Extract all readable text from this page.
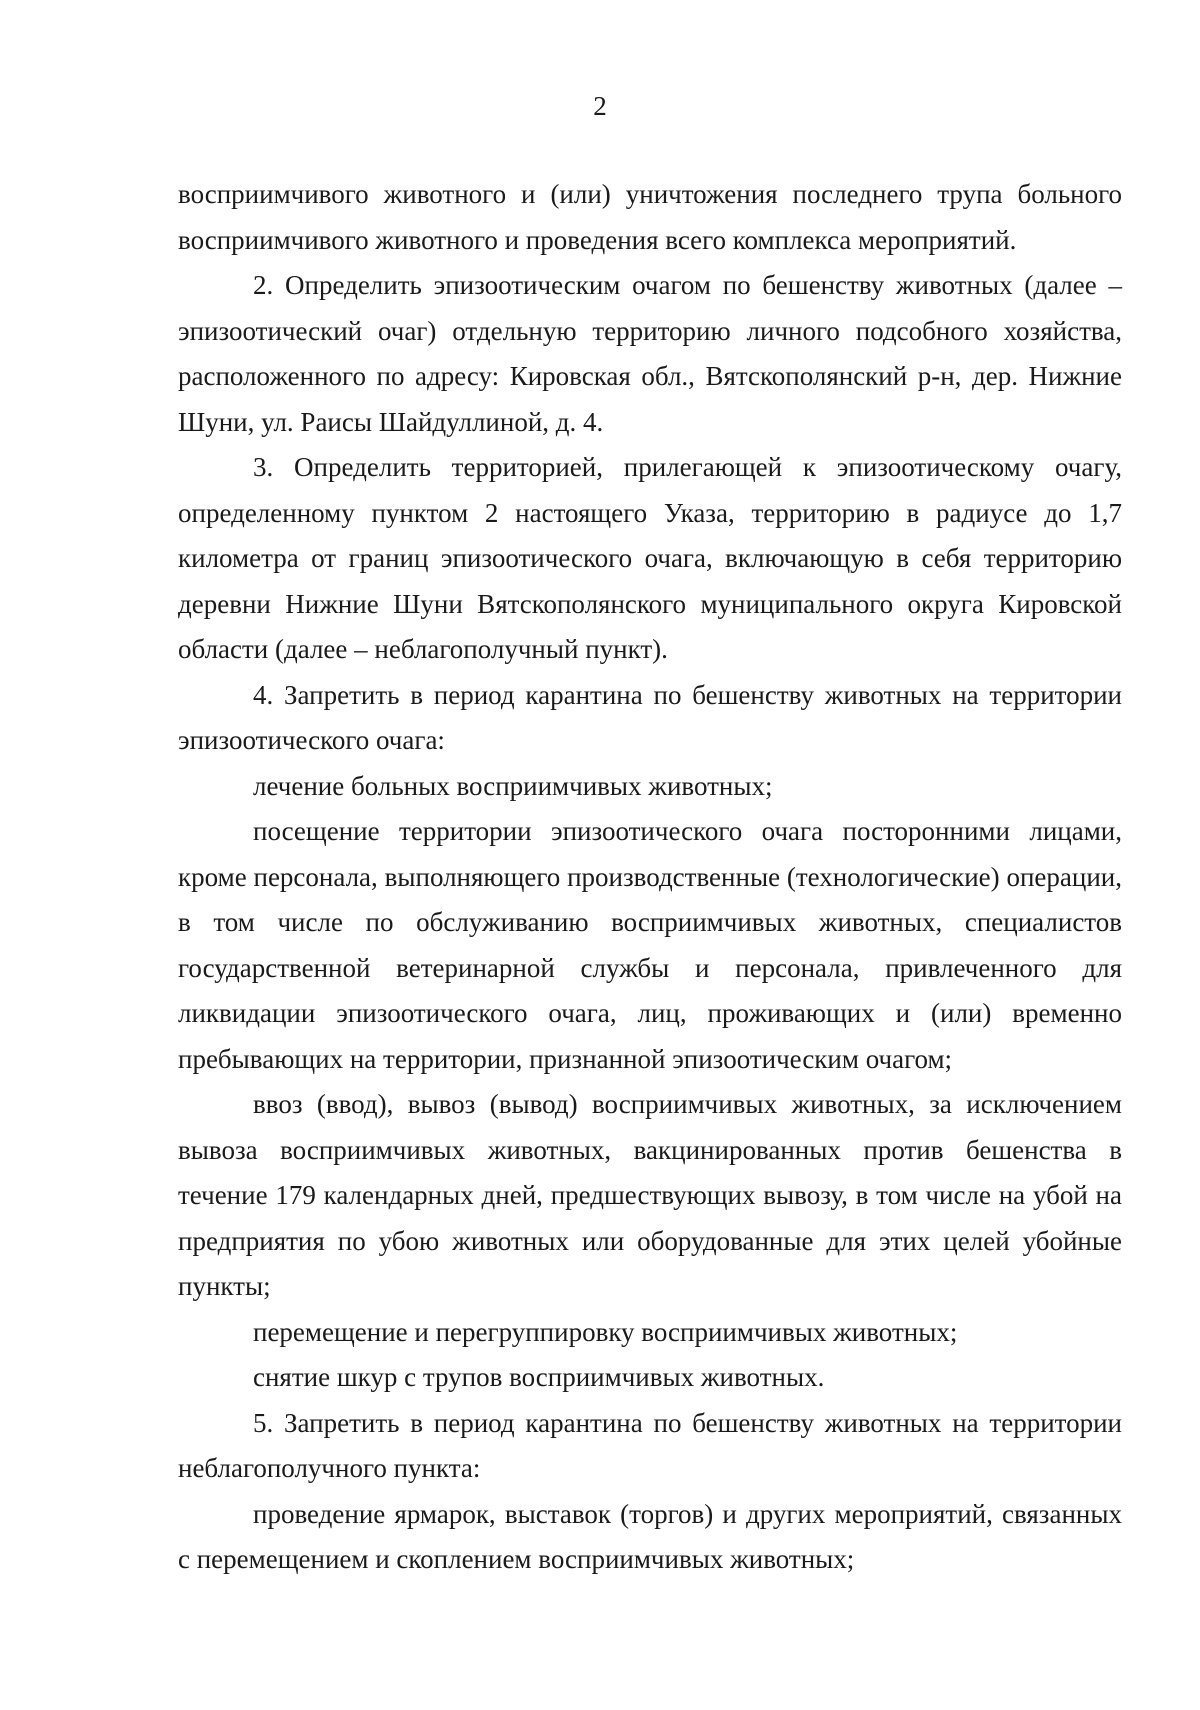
2

восприимчивого животного и (или) уничтожения последнего трупа больного восприимчивого животного и проведения всего комплекса мероприятий.

2. Определить эпизоотическим очагом по бешенству животных (далее – эпизоотический очаг) отдельную территорию личного подсобного хозяйства, расположенного по адресу: Кировская обл., Вятскополянский р-н, дер. Нижние Шуни, ул. Раисы Шайдуллиной, д. 4.

3. Определить территорией, прилегающей к эпизоотическому очагу, определенному пунктом 2 настоящего Указа, территорию в радиусе до 1,7 километра от границ эпизоотического очага, включающую в себя территорию деревни Нижние Шуни Вятскополянского муниципального округа Кировской области (далее – неблагополучный пункт).

4. Запретить в период карантина по бешенству животных на территории эпизоотического очага:

лечение больных восприимчивых животных;

посещение территории эпизоотического очага посторонними лицами, кроме персонала, выполняющего производственные (технологические) операции, в том числе по обслуживанию восприимчивых животных, специалистов государственной ветеринарной службы и персонала, привлеченного для ликвидации эпизоотического очага, лиц, проживающих и (или) временно пребывающих на территории, признанной эпизоотическим очагом;

ввоз (ввод), вывоз (вывод) восприимчивых животных, за исключением вывоза восприимчивых животных, вакцинированных против бешенства в течение 179 календарных дней, предшествующих вывозу, в том числе на убой на предприятия по убою животных или оборудованные для этих целей убойные пункты;

перемещение и перегруппировку восприимчивых животных;

снятие шкур с трупов восприимчивых животных.

5. Запретить в период карантина по бешенству животных на территории неблагополучного пункта:

проведение ярмарок, выставок (торгов) и других мероприятий, связанных с перемещением и скоплением восприимчивых животных;
